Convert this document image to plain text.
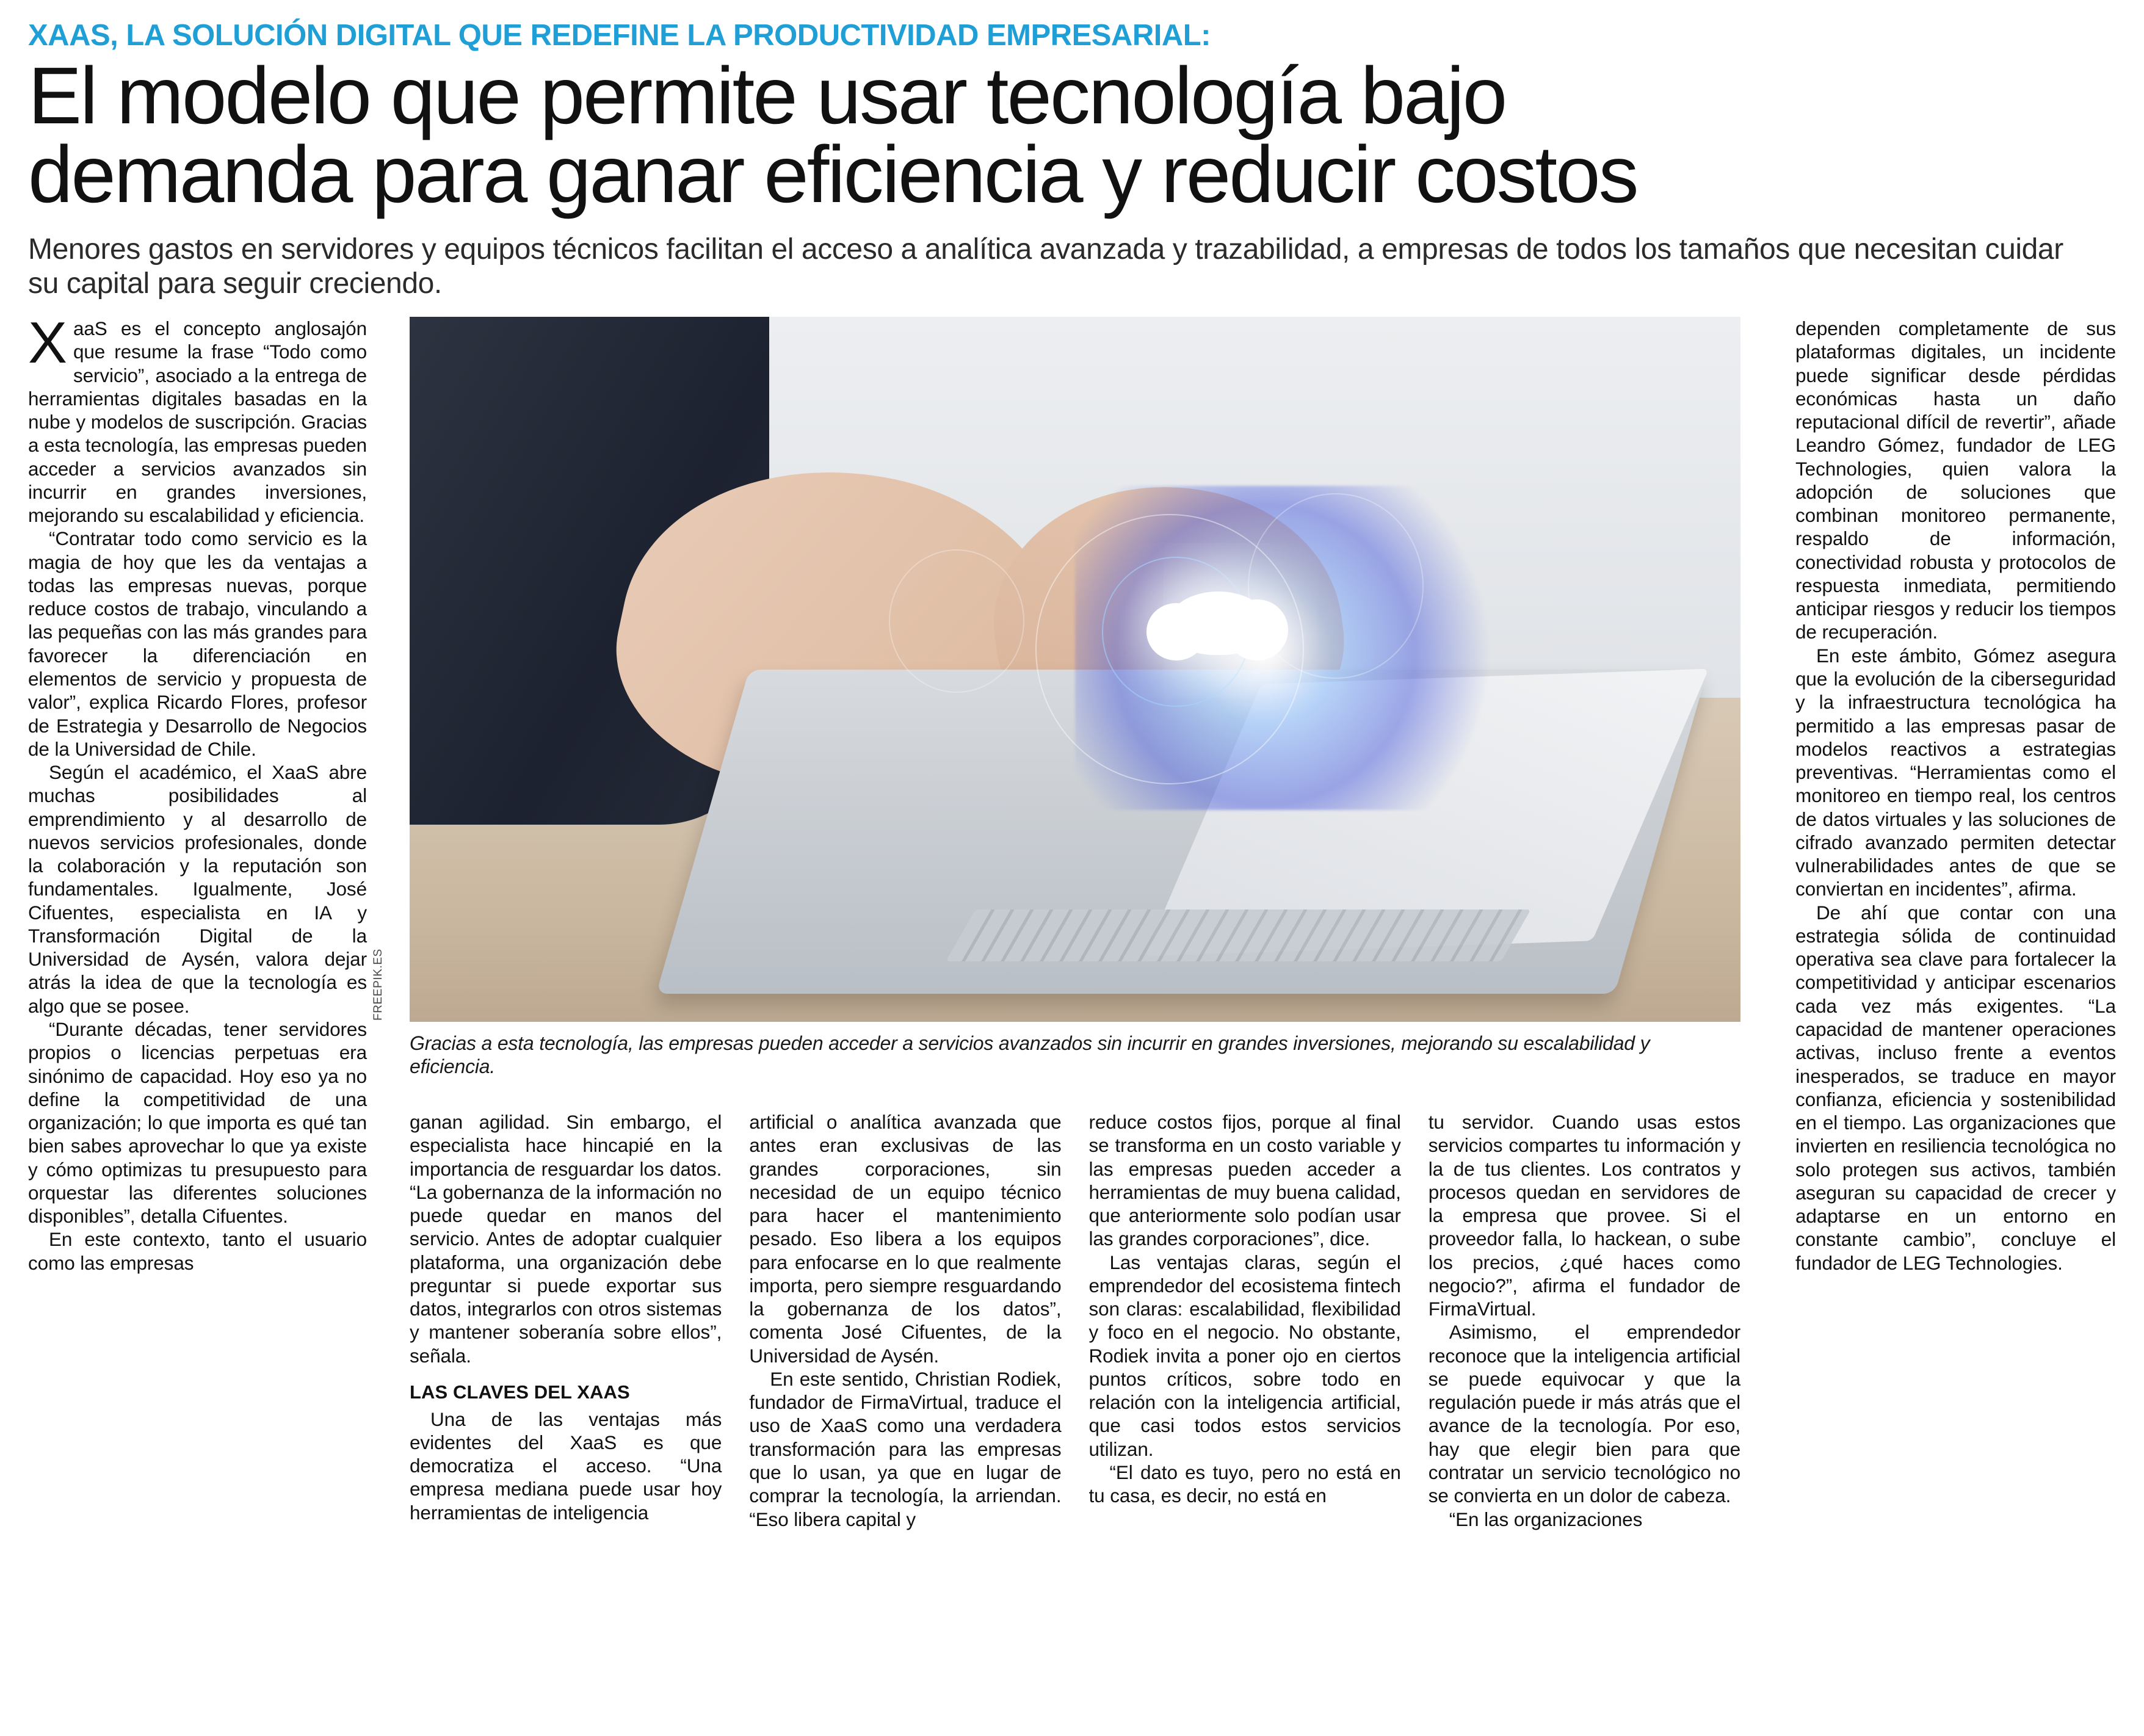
XAAS, LA SOLUCIÓN DIGITAL QUE REDEFINE LA PRODUCTIVIDAD EMPRESARIAL:
El modelo que permite usar tecnología bajo
demanda para ganar eficiencia y reducir costos
Menores gastos en servidores y equipos técnicos facilitan el acceso a analítica avanzada y trazabilidad, a empresas de todos los tamaños que necesitan cuidar su capital para seguir creciendo.

XaaS es el concepto anglosajón que resume la frase “Todo como servicio”, asociado a la entrega de herramientas digitales basadas en la nube y modelos de suscripción. Gracias a esta tecnología, las empresas pueden acceder a servicios avanzados sin incurrir en grandes inversiones, mejorando su escalabilidad y eficiencia.

“Contratar todo como servicio es la magia de hoy que les da ventajas a todas las empresas nuevas, porque reduce costos de trabajo, vinculando a las pequeñas con las más grandes para favorecer la diferenciación en elementos de servicio y propuesta de valor”, explica Ricardo Flores, profesor de Estrategia y Desarrollo de Negocios de la Universidad de Chile.

Según el académico, el XaaS abre muchas posibilidades al emprendimiento y al desarrollo de nuevos servicios profesionales, donde la colaboración y la reputación son fundamentales. Igualmente, José Cifuentes, especialista en IA y Transformación Digital de la Universidad de Aysén, valora dejar atrás la idea de que la tecnología es algo que se posee.

“Durante décadas, tener servidores propios o licencias perpetuas era sinónimo de capacidad. Hoy eso ya no define la competitividad de una organización; lo que importa es qué tan bien sabes aprovechar lo que ya existe y cómo optimizas tu presupuesto para orquestar las diferentes soluciones disponibles”, detalla Cifuentes.

En este contexto, tanto el usuario como las empresas

FREEPIK.ES
Gracias a esta tecnología, las empresas pueden acceder a servicios avanzados sin incurrir en grandes inversiones, mejorando su escalabilidad y eficiencia.

ganan agilidad. Sin embargo, el especialista hace hincapié en la importancia de resguardar los datos. “La gobernanza de la información no puede quedar en manos del servicio. Antes de adoptar cualquier plataforma, una organización debe preguntar si puede exportar sus datos, integrarlos con otros sistemas y mantener soberanía sobre ellos”, señala.

LAS CLAVES DEL XAAS

Una de las ventajas más evidentes del XaaS es que democratiza el acceso. “Una empresa mediana puede usar hoy herramientas de inteligencia

artificial o analítica avanzada que antes eran exclusivas de las grandes corporaciones, sin necesidad de un equipo técnico para hacer el mantenimiento pesado. Eso libera a los equipos para enfocarse en lo que realmente importa, pero siempre resguardando la gobernanza de los datos”, comenta José Cifuentes, de la Universidad de Aysén.

En este sentido, Christian Rodiek, fundador de FirmaVirtual, traduce el uso de XaaS como una verdadera transformación para las empresas que lo usan, ya que en lugar de comprar la tecnología, la arriendan. “Eso libera capital y

reduce costos fijos, porque al final se transforma en un costo variable y las empresas pueden acceder a herramientas de muy buena calidad, que anteriormente solo podían usar las grandes corporaciones”, dice.

Las ventajas claras, según el emprendedor del ecosistema fintech son claras: escalabilidad, flexibilidad y foco en el negocio. No obstante, Rodiek invita a poner ojo en ciertos puntos críticos, sobre todo en relación con la inteligencia artificial, que casi todos estos servicios utilizan.

“El dato es tuyo, pero no está en tu casa, es decir, no está en

tu servidor. Cuando usas estos servicios compartes tu información y la de tus clientes. Los contratos y procesos quedan en servidores de la empresa que provee. Si el proveedor falla, lo hackean, o sube los precios, ¿qué haces como negocio?”, afirma el fundador de FirmaVirtual.

Asimismo, el emprendedor reconoce que la inteligencia artificial se puede equivocar y que la regulación puede ir más atrás que el avance de la tecnología. Por eso, hay que elegir bien para que contratar un servicio tecnológico no se convierta en un dolor de cabeza.

“En las organizaciones

dependen completamente de sus plataformas digitales, un incidente puede significar desde pérdidas económicas hasta un daño reputacional difícil de revertir”, añade Leandro Gómez, fundador de LEG Technologies, quien valora la adopción de soluciones que combinan monitoreo permanente, respaldo de información, conectividad robusta y protocolos de respuesta inmediata, permitiendo anticipar riesgos y reducir los tiempos de recuperación.

En este ámbito, Gómez asegura que la evolución de la ciberseguridad y la infraestructura tecnológica ha permitido a las empresas pasar de modelos reactivos a estrategias preventivas. “Herramientas como el monitoreo en tiempo real, los centros de datos virtuales y las soluciones de cifrado avanzado permiten detectar vulnerabilidades antes de que se conviertan en incidentes”, afirma.

De ahí que contar con una estrategia sólida de continuidad operativa sea clave para fortalecer la competitividad y anticipar escenarios cada vez más exigentes. “La capacidad de mantener operaciones activas, incluso frente a eventos inesperados, se traduce en mayor confianza, eficiencia y sostenibilidad en el tiempo. Las organizaciones que invierten en resiliencia tecnológica no solo protegen sus activos, también aseguran su capacidad de crecer y adaptarse en un entorno en constante cambio”, concluye el fundador de LEG Technologies.
